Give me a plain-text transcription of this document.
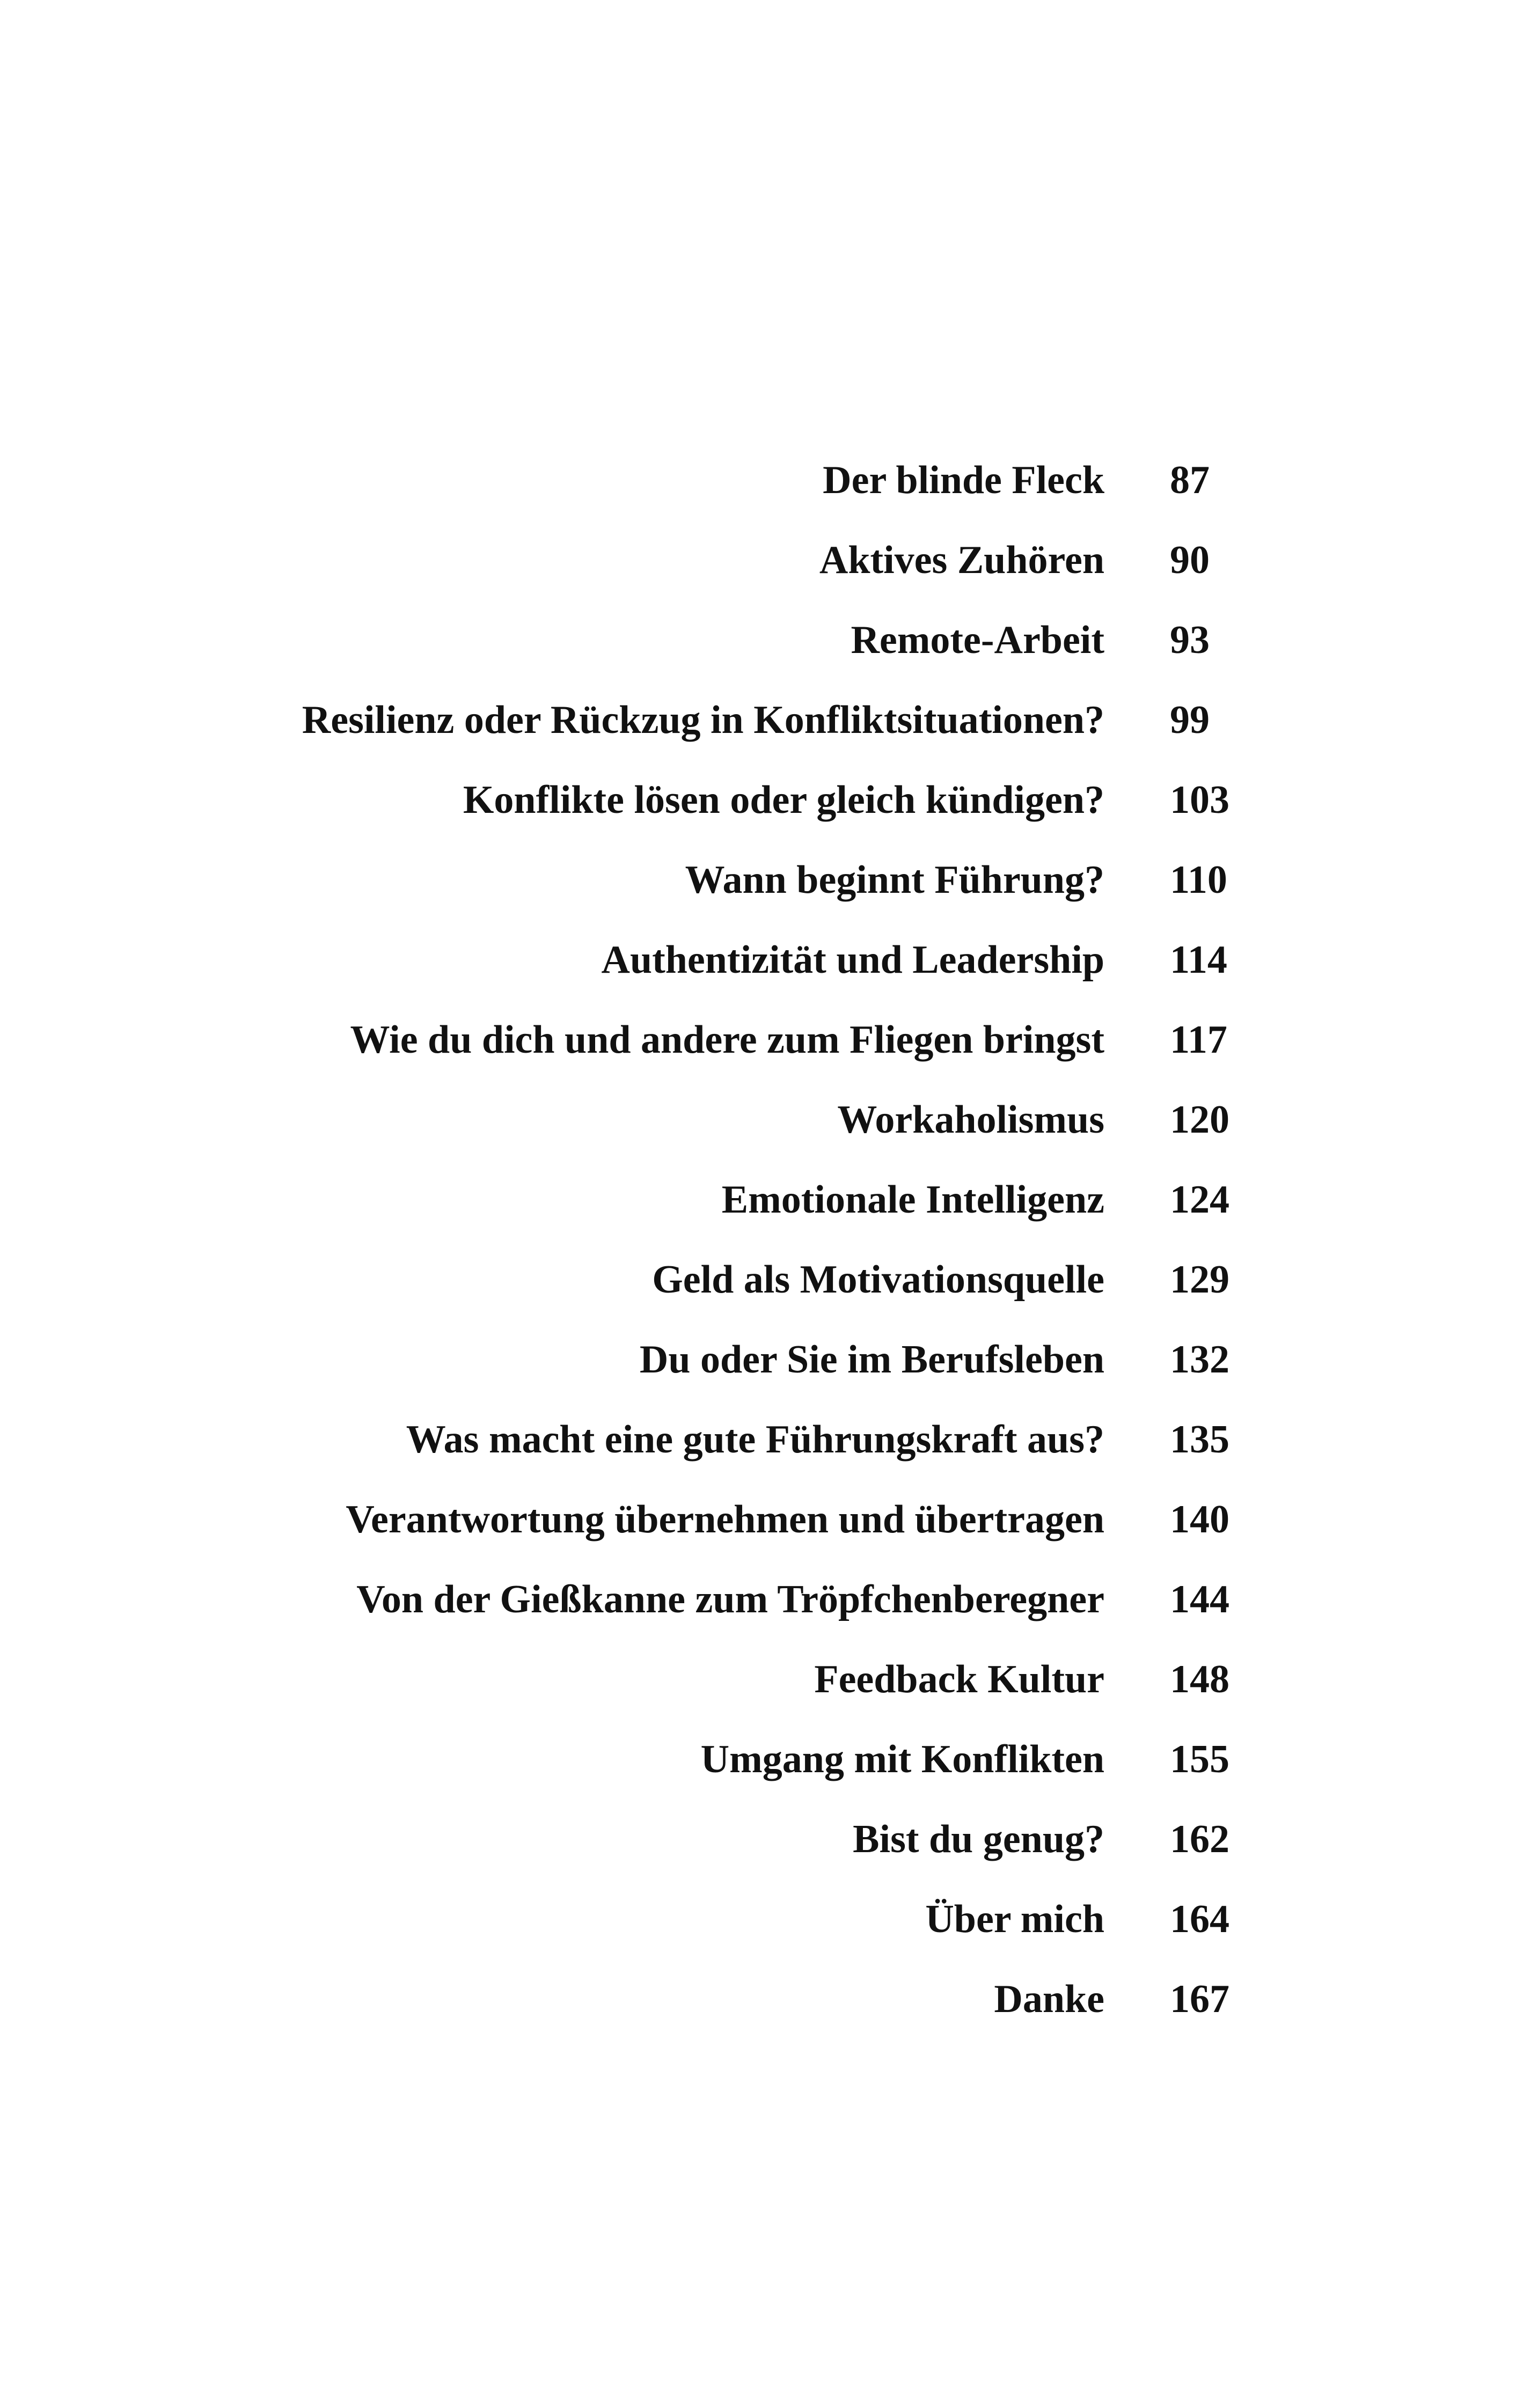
Der blinde Fleck 87
Aktives Zuhören 90
Remote-Arbeit 93
Resilienz oder Rückzug in Konfliktsituationen? 99
Konflikte lösen oder gleich kündigen? 103
Wann beginnt Führung? 110
Authentizität und Leadership 114
Wie du dich und andere zum Fliegen bringst 117
Workaholismus 120
Emotionale Intelligenz 124
Geld als Motivationsquelle 129
Du oder Sie im Berufsleben 132
Was macht eine gute Führungskraft aus? 135
Verantwortung übernehmen und übertragen 140
Von der Gießkanne zum Tröpfchenberegner 144
Feedback Kultur 148
Umgang mit Konflikten 155
Bist du genug? 162
Über mich 164
Danke 167
